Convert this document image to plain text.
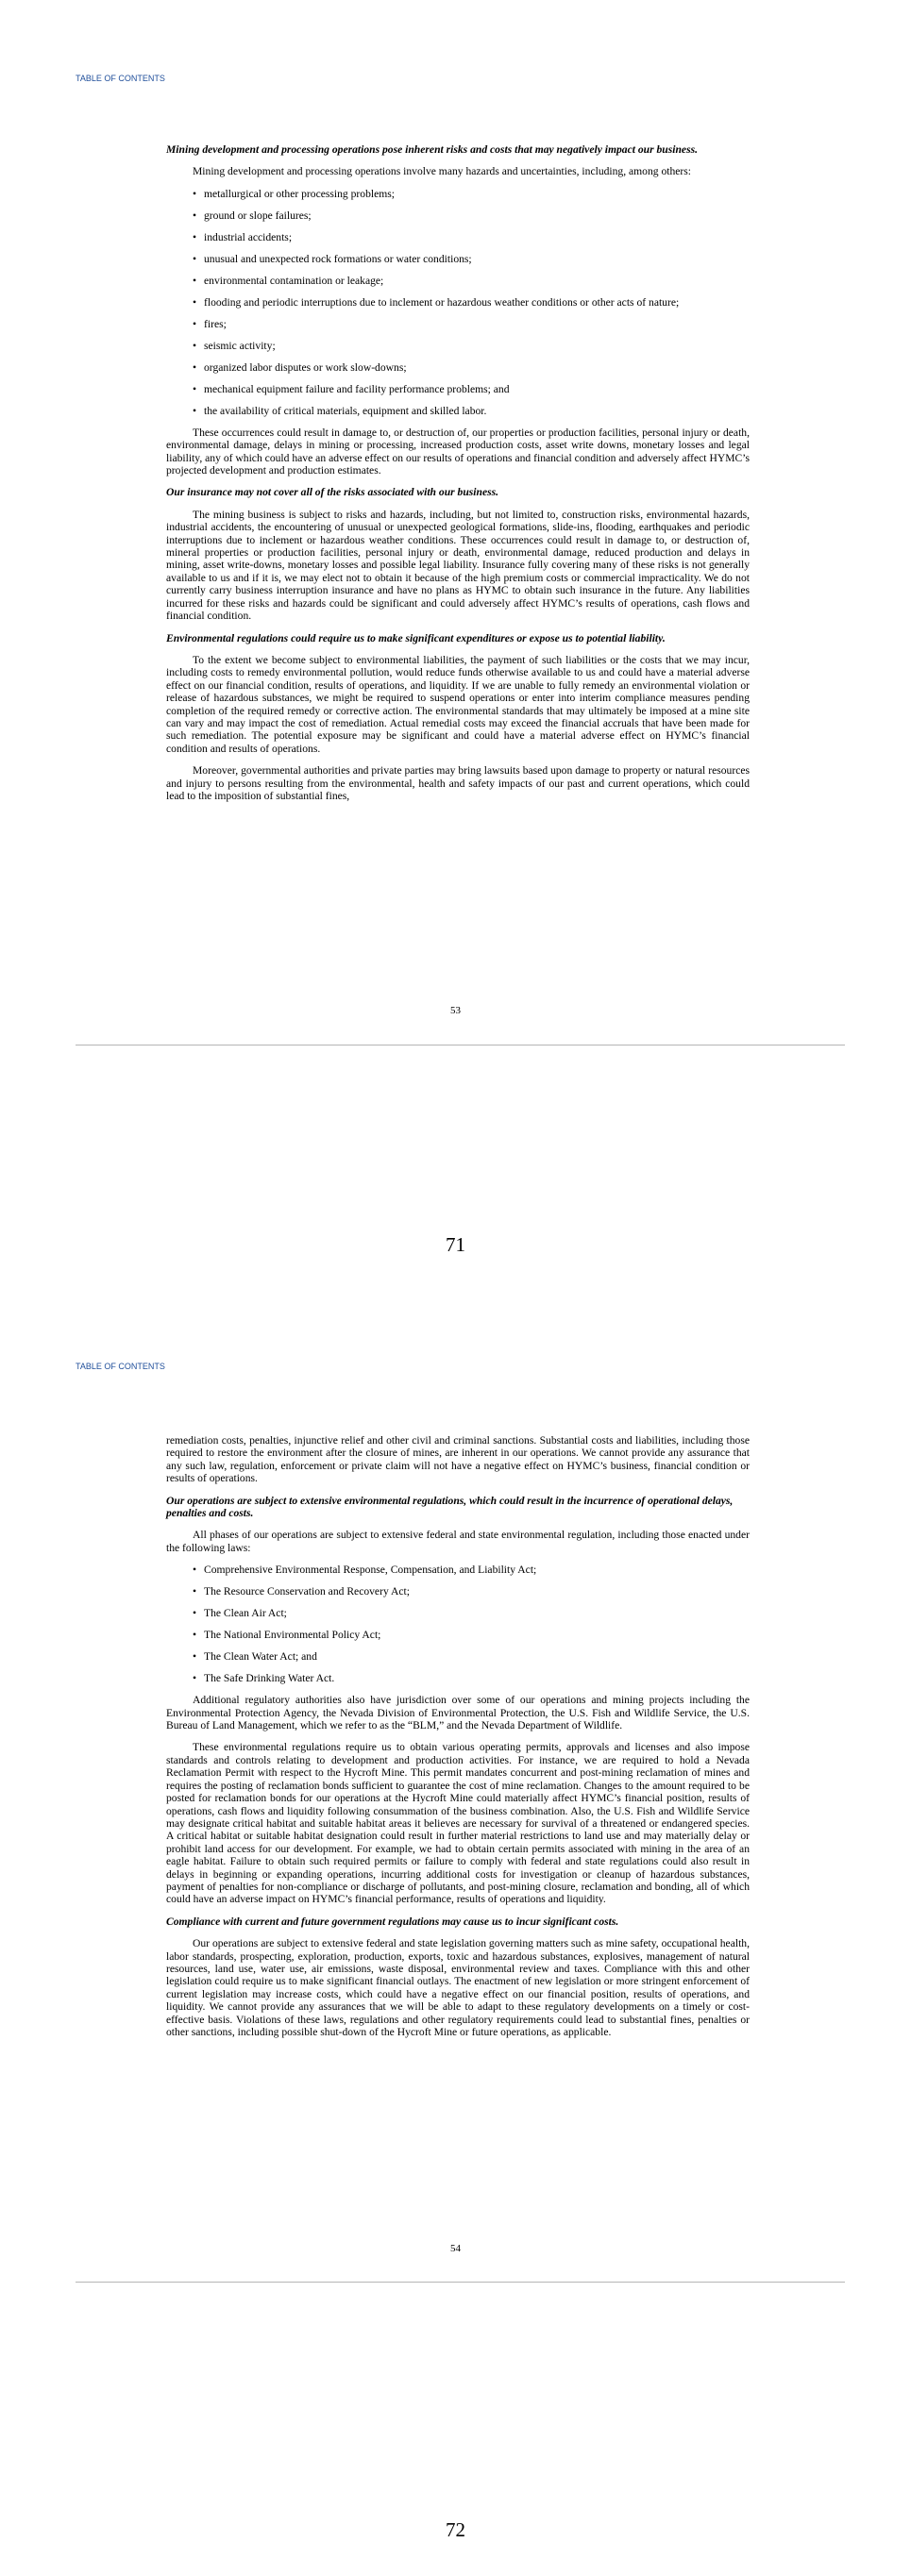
TABLE OF CONTENTS

Mining development and processing operations pose inherent risks and costs that may negatively impact our business.

Mining development and processing operations involve many hazards and uncertainties, including, among others:

• metallurgical or other processing problems;
• ground or slope failures;
• industrial accidents;
• unusual and unexpected rock formations or water conditions;
• environmental contamination or leakage;
• flooding and periodic interruptions due to inclement or hazardous weather conditions or other acts of nature;
• fires;
• seismic activity;
• organized labor disputes or work slow-downs;
• mechanical equipment failure and facility performance problems; and
• the availability of critical materials, equipment and skilled labor.

These occurrences could result in damage to, or destruction of, our properties or production facilities, personal injury or death, environmental damage, delays in mining or processing, increased production costs, asset write downs, monetary losses and legal liability, any of which could have an adverse effect on our results of operations and financial condition and adversely affect HYMC’s projected development and production estimates.

Our insurance may not cover all of the risks associated with our business.

The mining business is subject to risks and hazards, including, but not limited to, construction risks, environmental hazards, industrial accidents, the encountering of unusual or unexpected geological formations, slide-ins, flooding, earthquakes and periodic interruptions due to inclement or hazardous weather conditions. These occurrences could result in damage to, or destruction of, mineral properties or production facilities, personal injury or death, environmental damage, reduced production and delays in mining, asset write-downs, monetary losses and possible legal liability. Insurance fully covering many of these risks is not generally available to us and if it is, we may elect not to obtain it because of the high premium costs or commercial impracticality. We do not currently carry business interruption insurance and have no plans as HYMC to obtain such insurance in the future. Any liabilities incurred for these risks and hazards could be significant and could adversely affect HYMC’s results of operations, cash flows and financial condition.

Environmental regulations could require us to make significant expenditures or expose us to potential liability.

To the extent we become subject to environmental liabilities, the payment of such liabilities or the costs that we may incur, including costs to remedy environmental pollution, would reduce funds otherwise available to us and could have a material adverse effect on our financial condition, results of operations, and liquidity. If we are unable to fully remedy an environmental violation or release of hazardous substances, we might be required to suspend operations or enter into interim compliance measures pending completion of the required remedy or corrective action. The environmental standards that may ultimately be imposed at a mine site can vary and may impact the cost of remediation. Actual remedial costs may exceed the financial accruals that have been made for such remediation. The potential exposure may be significant and could have a material adverse effect on HYMC’s financial condition and results of operations.

Moreover, governmental authorities and private parties may bring lawsuits based upon damage to property or natural resources and injury to persons resulting from the environmental, health and safety impacts of our past and current operations, which could lead to the imposition of substantial fines,

53
71
TABLE OF CONTENTS

remediation costs, penalties, injunctive relief and other civil and criminal sanctions. Substantial costs and liabilities, including those required to restore the environment after the closure of mines, are inherent in our operations. We cannot provide any assurance that any such law, regulation, enforcement or private claim will not have a negative effect on HYMC’s business, financial condition or results of operations.

Our operations are subject to extensive environmental regulations, which could result in the incurrence of operational delays, penalties and costs.

All phases of our operations are subject to extensive federal and state environmental regulation, including those enacted under the following laws:

• Comprehensive Environmental Response, Compensation, and Liability Act;
• The Resource Conservation and Recovery Act;
• The Clean Air Act;
• The National Environmental Policy Act;
• The Clean Water Act; and
• The Safe Drinking Water Act.

Additional regulatory authorities also have jurisdiction over some of our operations and mining projects including the Environmental Protection Agency, the Nevada Division of Environmental Protection, the U.S. Fish and Wildlife Service, the U.S. Bureau of Land Management, which we refer to as the “BLM,” and the Nevada Department of Wildlife.

These environmental regulations require us to obtain various operating permits, approvals and licenses and also impose standards and controls relating to development and production activities. For instance, we are required to hold a Nevada Reclamation Permit with respect to the Hycroft Mine. This permit mandates concurrent and post-mining reclamation of mines and requires the posting of reclamation bonds sufficient to guarantee the cost of mine reclamation. Changes to the amount required to be posted for reclamation bonds for our operations at the Hycroft Mine could materially affect HYMC’s financial position, results of operations, cash flows and liquidity following consummation of the business combination. Also, the U.S. Fish and Wildlife Service may designate critical habitat and suitable habitat areas it believes are necessary for survival of a threatened or endangered species. A critical habitat or suitable habitat designation could result in further material restrictions to land use and may materially delay or prohibit land access for our development. For example, we had to obtain certain permits associated with mining in the area of an eagle habitat. Failure to obtain such required permits or failure to comply with federal and state regulations could also result in delays in beginning or expanding operations, incurring additional costs for investigation or cleanup of hazardous substances, payment of penalties for non-compliance or discharge of pollutants, and post-mining closure, reclamation and bonding, all of which could have an adverse impact on HYMC’s financial performance, results of operations and liquidity.

Compliance with current and future government regulations may cause us to incur significant costs.

Our operations are subject to extensive federal and state legislation governing matters such as mine safety, occupational health, labor standards, prospecting, exploration, production, exports, toxic and hazardous substances, explosives, management of natural resources, land use, water use, air emissions, waste disposal, environmental review and taxes. Compliance with this and other legislation could require us to make significant financial outlays. The enactment of new legislation or more stringent enforcement of current legislation may increase costs, which could have a negative effect on our financial position, results of operations, and liquidity. We cannot provide any assurances that we will be able to adapt to these regulatory developments on a timely or cost-effective basis. Violations of these laws, regulations and other regulatory requirements could lead to substantial fines, penalties or other sanctions, including possible shut-down of the Hycroft Mine or future operations, as applicable.

54
72
